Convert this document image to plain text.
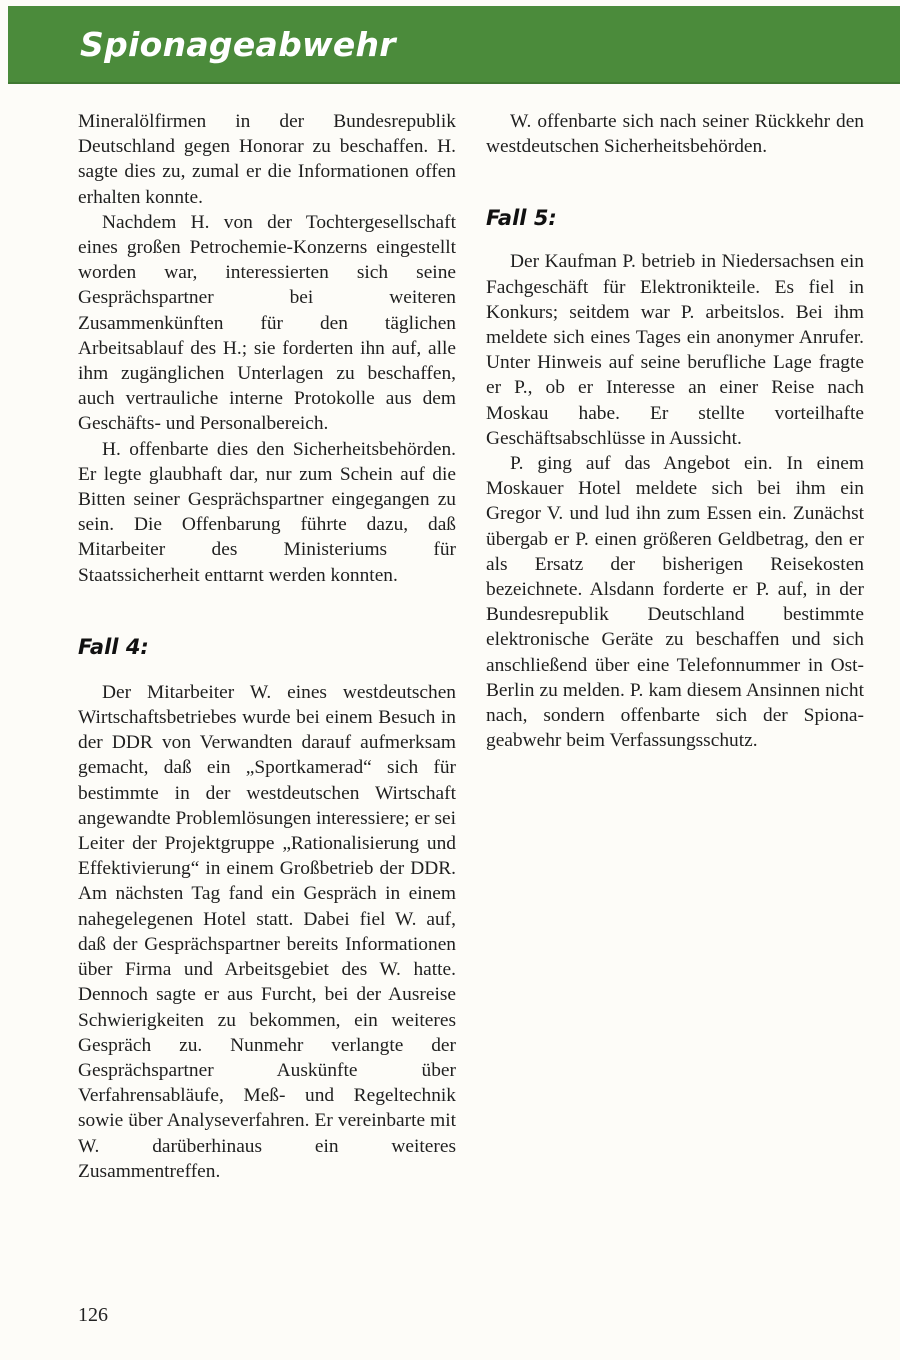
Spionageabwehr

Mineralölfirmen in der Bundesrepublik Deutschland gegen Honorar zu beschaffen. H. sagte dies zu, zumal er die Informationen offen erhalten konnte.

Nachdem H. von der Tochtergesellschaft eines großen Petrochemie-Konzerns eingestellt worden war, interessierten sich seine Gesprächspartner bei weiteren Zusammenkünften für den täglichen Arbeitsablauf des H.; sie forderten ihn auf, alle ihm zugänglichen Unterlagen zu beschaffen, auch vertrauliche interne Protokolle aus dem Geschäfts- und Personalbereich.

H. offenbarte dies den Sicherheitsbehörden. Er legte glaubhaft dar, nur zum Schein auf die Bitten seiner Gesprächspartner eingegangen zu sein. Die Offenbarung führte dazu, daß Mitarbeiter des Ministeriums für Staatssicherheit enttarnt werden konnten.

Fall 4:

Der Mitarbeiter W. eines westdeutschen Wirtschaftsbetriebes wurde bei einem Besuch in der DDR von Verwandten darauf aufmerksam gemacht, daß ein „Sportkamerad“ sich für bestimmte in der westdeutschen Wirtschaft angewandte Problemlösungen interessiere; er sei Leiter der Projektgruppe „Rationalisierung und Effektivierung“ in einem Großbetrieb der DDR. Am nächsten Tag fand ein Gespräch in einem nahegelegenen Hotel statt. Dabei fiel W. auf, daß der Gesprächspartner bereits Informationen über Firma und Arbeitsgebiet des W. hatte. Dennoch sagte er aus Furcht, bei der Ausreise Schwierigkeiten zu bekommen, ein weiteres Gespräch zu. Nunmehr verlangte der Gesprächspartner Auskünfte über Verfahrensabläufe, Meß- und Regeltechnik sowie über Analyseverfahren. Er vereinbarte mit W. darüberhinaus ein weiteres Zusammentreffen.

W. offenbarte sich nach seiner Rückkehr den westdeutschen Sicherheitsbehörden.

Fall 5:

Der Kaufman P. betrieb in Niedersachsen ein Fachgeschäft für Elektronikteile. Es fiel in Konkurs; seitdem war P. arbeitslos. Bei ihm meldete sich eines Tages ein anonymer Anrufer. Unter Hinweis auf seine berufliche Lage fragte er P., ob er Interesse an einer Reise nach Moskau habe. Er stellte vorteilhafte Geschäftsabschlüsse in Aussicht.

P. ging auf das Angebot ein. In einem Moskauer Hotel meldete sich bei ihm ein Gregor V. und lud ihn zum Essen ein. Zunächst übergab er P. einen größeren Geldbetrag, den er als Ersatz der bisherigen Reisekosten bezeichnete. Alsdann forderte er P. auf, in der Bundesrepublik Deutschland bestimmte elektronische Geräte zu beschaffen und sich anschließend über eine Telefonnummer in Ost-Berlin zu melden. P. kam diesem Ansinnen nicht nach, sondern offenbarte sich der Spionageabwehr beim Verfassungsschutz.

126
